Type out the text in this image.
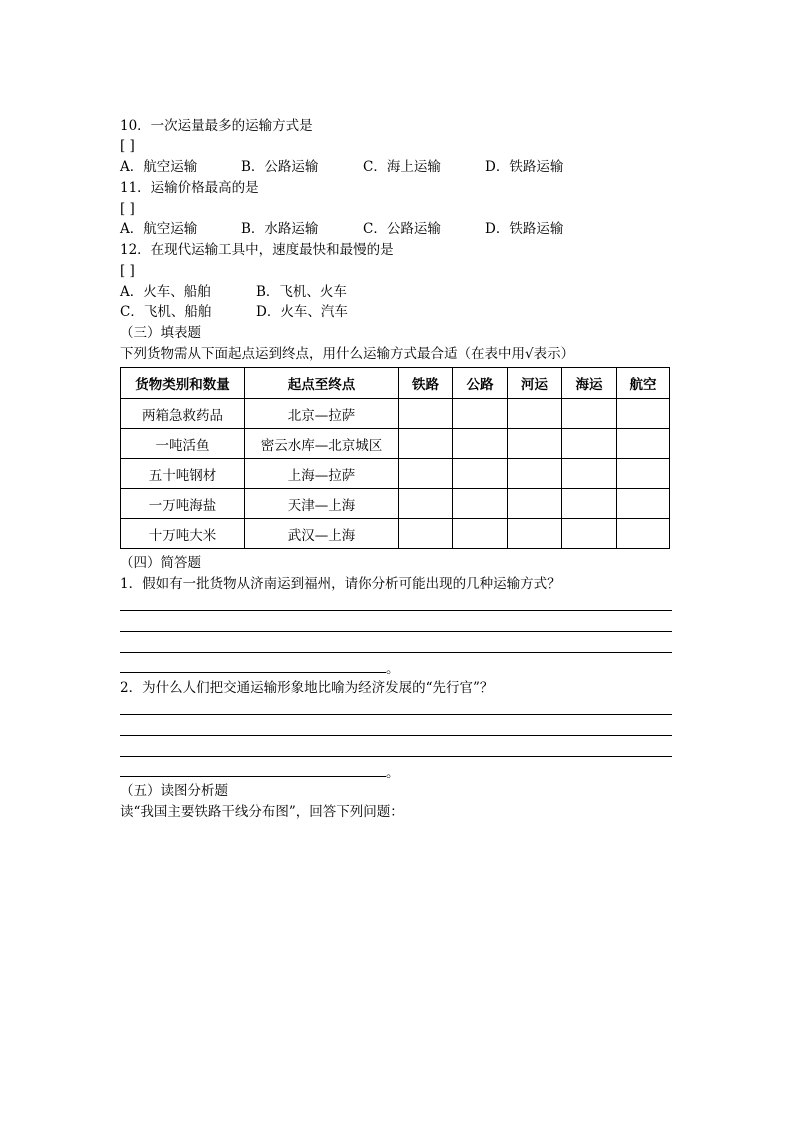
10．一次运量最多的运输方式是
[ ]
A．航空运输	B．公路运输	C．海上运输	D．铁路运输
11．运输价格最高的是
[ ]
A．航空运输	B．水路运输	C．公路运输	D．铁路运输
12．在现代运输工具中，速度最快和最慢的是
[ ]
A．火车、船舶	B．飞机、火车
C．飞机、船舶	D．火车、汽车
（三）填表题
下列货物需从下面起点运到终点，用什么运输方式最合适（在表中用√表示）
货物类别和数量	起点至终点	铁路	公路	河运	海运	航空
两箱急救药品	北京—拉萨					
一吨活鱼	密云水库—北京城区					
五十吨钢材	上海—拉萨					
一万吨海盐	天津—上海					
十万吨大米	武汉—上海					
（四）简答题
1．假如有一批货物从济南运到福州，请你分析可能出现的几种运输方式？
。
2．为什么人们把交通运输形象地比喻为经济发展的“先行官”？
。
（五）读图分析题
读“我国主要铁路干线分布图”，回答下列问题：
